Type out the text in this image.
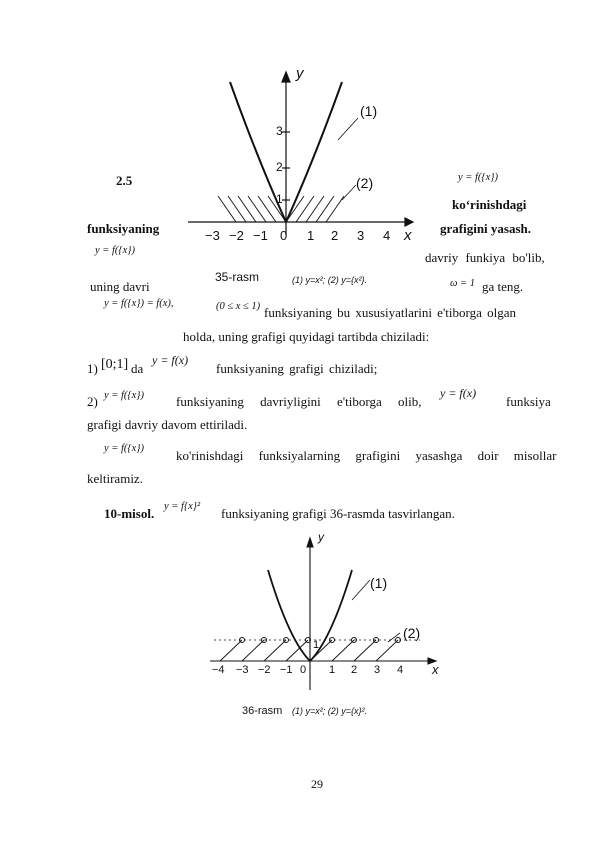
2.5
funksiyaning
y = f({x})
ko‘rinishdagi
grafigini yasash.
y = f({x})	davriy funkiya bo'lib,
uning davri	ω = 1 ga teng.
y
x
(1)
(2)
1
2
3
−3 −2 −1 0 1 2 3 4
35-rasm	(1) y=x²; (2) y={x²}.
y = f({x}) = f(x),	(0 ≤ x ≤ 1) funksiyaning bu xususiyatlarini e'tiborga olgan
holda, uning grafigi quyidagi tartibda chiziladi:
1) [0;1] da
y = f(x)
funksiyaning grafigi chiziladi;
2) y = f({x}) funksiyaning davriyligini e'tiborga olib,
y = f(x)
funksiya
grafigi davriy davom ettiriladi.
y = f({x}) ko'rinishdagi funksiyalarning grafigini yasashga doir misollar
keltiramiz.
10-misol. y = f{x}² funksiyaning grafigi 36-rasmda tasvirlangan.
y
x
(1)
(2)
1
−4 −3 −2 −1 0 1 2 3 4
36-rasm (1) y=x²; (2) y={x}².
29
